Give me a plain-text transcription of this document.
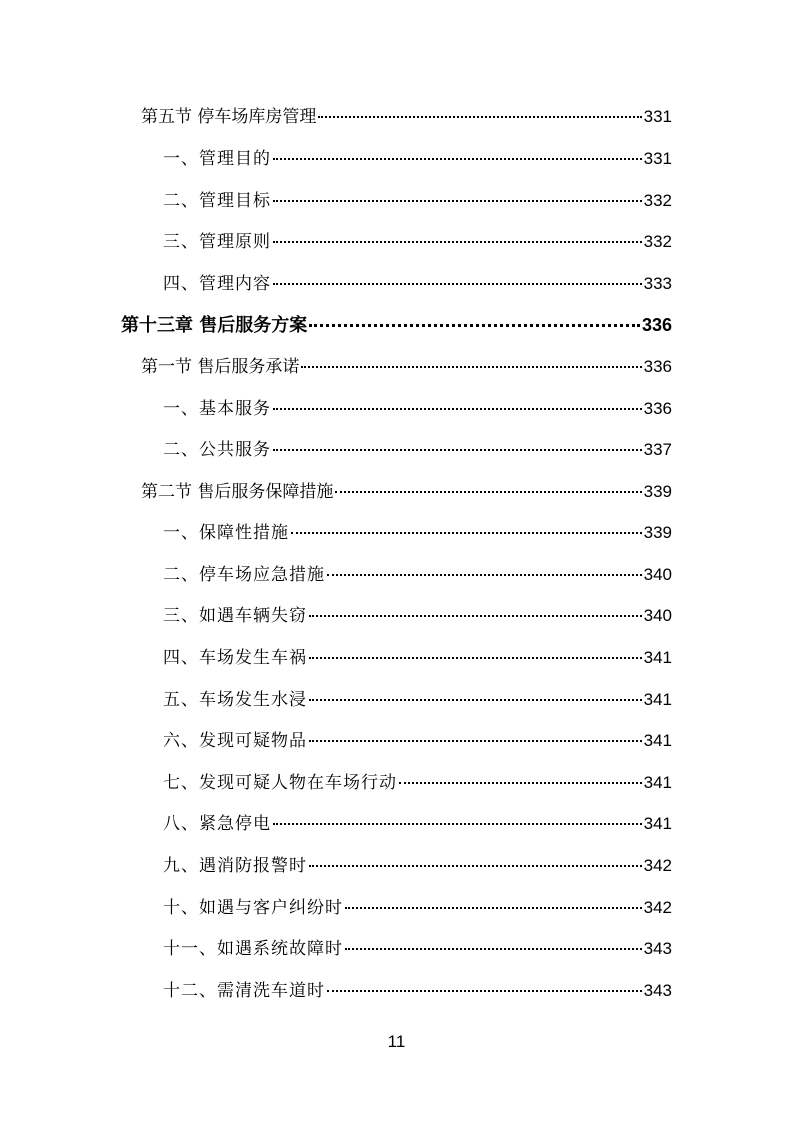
第五节 停车场库房管理	331
一、管理目的	331
二、管理目标	332
三、管理原则	332
四、管理内容	333
第十三章 售后服务方案	336
第一节 售后服务承诺	336
一、基本服务	336
二、公共服务	337
第二节 售后服务保障措施	339
一、保障性措施	339
二、停车场应急措施	340
三、如遇车辆失窃	340
四、车场发生车祸	341
五、车场发生水浸	341
六、发现可疑物品	341
七、发现可疑人物在车场行动	341
八、紧急停电	341
九、遇消防报警时	342
十、如遇与客户纠纷时	342
十一、如遇系统故障时	343
十二、需清洗车道时	343
11
